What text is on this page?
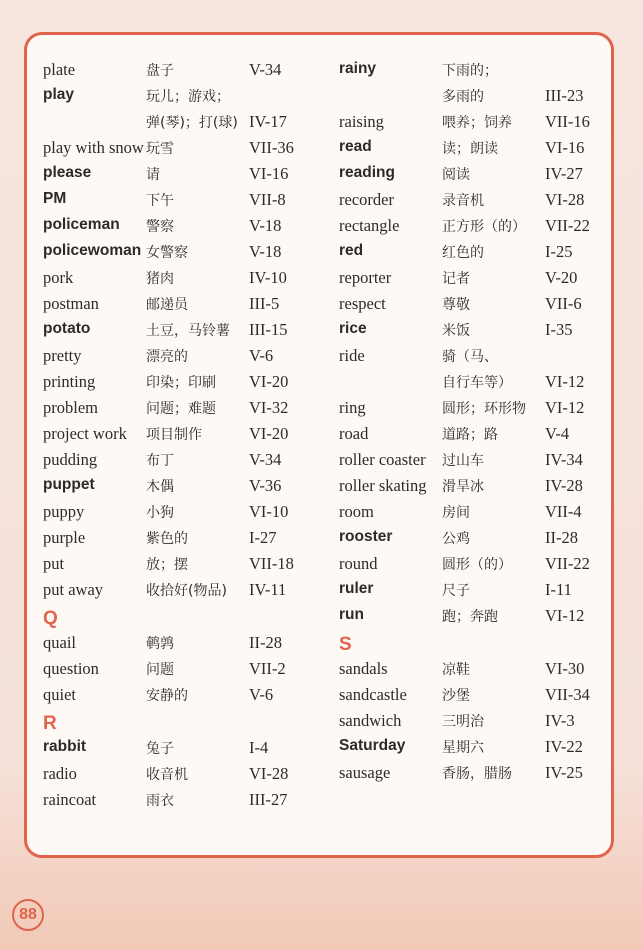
plate	盘子	V-34
play	玩儿；游戏；
弹(琴)；打(球) IV-17
play with snow 玩雪	VII-36
please	请	VI-16
PM	下午	VII-8
policeman 警察	V-18
policewoman 女警察	V-18
pork	猪肉	IV-10
postman	邮递员	III-5
potato	土豆，马铃薯 III-15
pretty	漂亮的	V-6
printing	印染；印刷 VI-20
problem	问题；难题 VI-32
project work 项目制作	VI-20
pudding	布丁	V-34
puppet	木偶	V-36
puppy	小狗	VI-10
purple	紫色的	I-27
put	放；摆	VII-18
put away	收拾好(物品) IV-11
Q
quail	鹌鹑	II-28
question	问题	VII-2
quiet	安静的	V-6
R
rabbit	兔子	I-4
radio	收音机	VI-28
raincoat	雨衣	III-27
rainy	下雨的；
多雨的	III-23
raising	喂养；饲养 VII-16
read	读；朗读	VI-16
reading	阅读	IV-27
recorder	录音机	VI-28
rectangle	正方形（的） VII-22
red	红色的	I-25
reporter	记者	V-20
respect	尊敬	VII-6
rice	米饭	I-35
ride	骑（马、
自行车等） VI-12
ring	圆形；环形物 VI-12
road	道路；路	V-4
roller coaster 过山车	IV-34
roller skating 滑旱冰	IV-28
room	房间	VII-4
rooster	公鸡	II-28
round	圆形（的） VII-22
ruler	尺子	I-11
run	跑；奔跑	VI-12
S
sandals	凉鞋	VI-30
sandcastle	沙堡	VII-34
sandwich	三明治	IV-3
Saturday	星期六	IV-22
sausage	香肠，腊肠 IV-25
88
